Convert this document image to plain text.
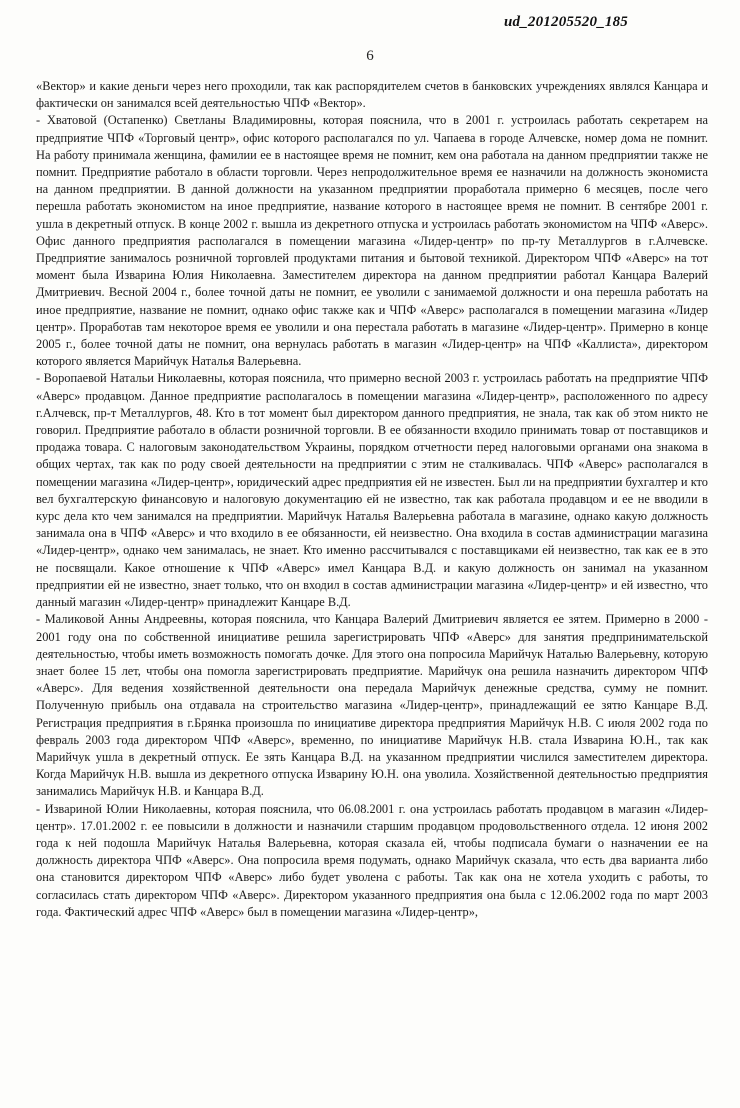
ud_201205520_185
6

«Вектор» и какие деньги через него проходили, так как распорядителем счетов в банковских учреждениях являлся Канцара и фактически он занимался всей деятельностью ЧПФ «Вектор».

- Хватовой (Остапенко) Светланы Владимировны, которая пояснила, что в 2001 г. устроилась работать секретарем на предприятие ЧПФ «Торговый центр», офис которого располагался по ул. Чапаева в городе Алчевске, номер дома не помнит. На работу принимала женщина, фамилии ее в настоящее время не помнит, кем она работала на данном предприятии также не помнит. Предприятие работало в области торговли. Через непродолжительное время ее назначили на должность экономиста на данном предприятии. В данной должности на указанном предприятии проработала примерно 6 месяцев, после чего перешла работать экономистом на иное предприятие, название которого в настоящее время не помнит. В сентябре 2001 г. ушла в декретный отпуск. В конце 2002 г. вышла из декретного отпуска и устроилась работать экономистом на ЧПФ «Аверс». Офис данного предприятия располагался в помещении магазина «Лидер-центр» по пр-ту Металлургов в г.Алчевске. Предприятие занималось розничной торговлей продуктами питания и бытовой техникой. Директором ЧПФ «Аверс» на тот момент была Изварина Юлия Николаевна. Заместителем директора на данном предприятии работал Канцара Валерий Дмитриевич. Весной 2004 г., более точной даты не помнит, ее уволили с занимаемой должности и она перешла работать на иное предприятие, название не помнит, однако офис также как и ЧПФ «Аверс» располагался в помещении магазина «Лидер центр». Проработав там некоторое время ее уволили и она перестала работать в магазине «Лидер-центр». Примерно в конце 2005 г., более точной даты не помнит, она вернулась работать в магазин «Лидер-центр» на ЧПФ «Каллиста», директором которого является Марийчук Наталья Валерьевна.

- Воропаевой Натальи Николаевны, которая пояснила, что примерно весной 2003 г. устроилась работать на предприятие ЧПФ «Аверс» продавцом. Данное предприятие располагалось в помещении магазина «Лидер-центр», расположенного по адресу г.Алчевск, пр-т Металлургов, 48. Кто в тот момент был директором данного предприятия, не знала, так как об этом никто не говорил. Предприятие работало в области розничной торговли. В ее обязанности входило принимать товар от поставщиков и продажа товара. С налоговым законодательством Украины, порядком отчетности перед налоговыми органами она знакома в общих чертах, так как по роду своей деятельности на предприятии с этим не сталкивалась. ЧПФ «Аверс» располагался в помещении магазина «Лидер-центр», юридический адрес предприятия ей не известен. Был ли на предприятии бухгалтер и кто вел бухгалтерскую финансовую и налоговую документацию ей не известно, так как работала продавцом и ее не вводили в курс дела кто чем занимался на предприятии. Марийчук Наталья Валерьевна работала в магазине, однако какую должность занимала она в ЧПФ «Аверс» и что входило в ее обязанности, ей неизвестно. Она входила в состав администрации магазина «Лидер-центр», однако чем занималась, не знает. Кто именно рассчитывался с поставщиками ей неизвестно, так как ее в это не посвящали. Какое отношение к ЧПФ «Аверс» имел Канцара В.Д. и какую должность он занимал на указанном предприятии ей не известно, знает только, что он входил в состав администрации магазина «Лидер-центр» и ей известно, что данный магазин «Лидер-центр» принадлежит Канцаре В.Д.

- Маликовой Анны Андреевны, которая пояснила, что Канцара Валерий Дмитриевич является ее зятем. Примерно в 2000 - 2001 году она по собственной инициативе решила зарегистрировать ЧПФ «Аверс» для занятия предпринимательской деятельностью, чтобы иметь возможность помогать дочке. Для этого она попросила Марийчук Наталью Валерьевну, которую знает более 15 лет, чтобы она помогла зарегистрировать предприятие. Марийчук она решила назначить директором ЧПФ «Аверс». Для ведения хозяйственной деятельности она передала Марийчук денежные средства, сумму не помнит. Полученную прибыль она отдавала на строительство магазина «Лидер-центр», принадлежащий ее зятю Канцаре В.Д. Регистрация предприятия в г.Брянка произошла по инициативе директора предприятия Марийчук Н.В. С июля 2002 года по февраль 2003 года директором ЧПФ «Аверс», временно, по инициативе Марийчук Н.В. стала Изварина Ю.Н., так как Марийчук ушла в декретный отпуск. Ее зять Канцара В.Д. на указанном предприятии числился заместителем директора. Когда Марийчук Н.В. вышла из декретного отпуска Изварину Ю.Н. она уволила. Хозяйственной деятельностью предприятия занимались Марийчук Н.В. и Канцара В.Д.

- Извариной Юлии Николаевны, которая пояснила, что 06.08.2001 г. она устроилась работать продавцом в магазин «Лидер-центр». 17.01.2002 г. ее повысили в должности и назначили старшим продавцом продовольственного отдела. 12 июня 2002 года к ней подошла Марийчук Наталья Валерьевна, которая сказала ей, чтобы подписала бумаги о назначении ее на должность директора ЧПФ «Аверс». Она попросила время подумать, однако Марийчук сказала, что есть два варианта либо она становится директором ЧПФ «Аверс» либо будет уволена с работы. Так как она не хотела уходить с работы, то согласилась стать директором ЧПФ «Аверс». Директором указанного предприятия она была с 12.06.2002 года по март 2003 года. Фактический адрес ЧПФ «Аверс» был в помещении магазина «Лидер-центр»,
